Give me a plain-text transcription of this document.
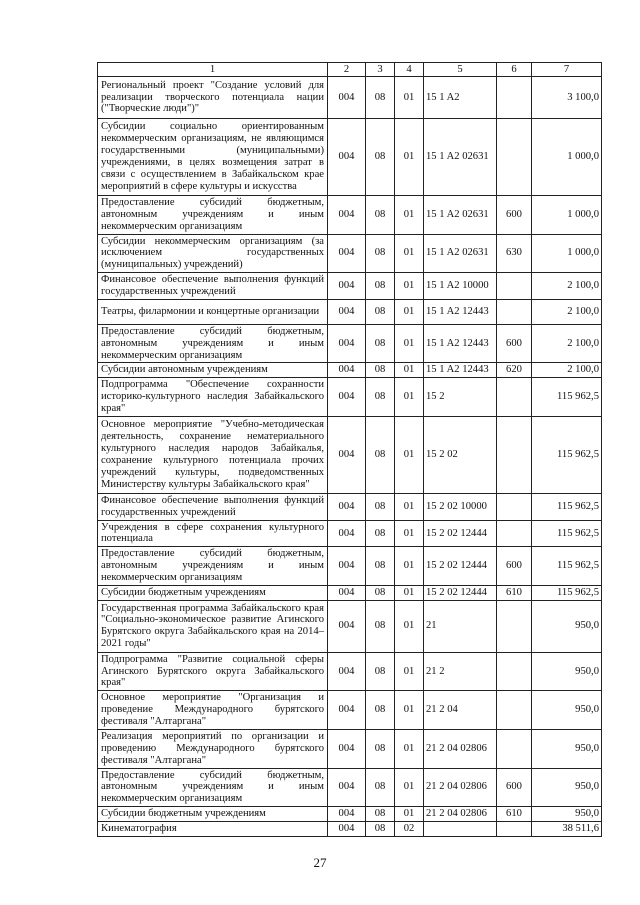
1	2	3	4	5	6	7
Региональный проект "Создание условий для реализации творческого потенциала нации ("Творческие люди")"	004	08	01	15 1 A2		3 100,0
Субсидии социально ориентированным некоммерческим организациям, не являющимся государственными (муниципальными) учреждениями, в целях возмещения затрат в связи с осуществлением в Забайкальском крае мероприятий в сфере культуры и искусства	004	08	01	15 1 A2 02631		1 000,0
Предоставление субсидий бюджетным, автономным учреждениям и иным некоммерческим организациям	004	08	01	15 1 A2 02631	600	1 000,0
Субсидии некоммерческим организациям (за исключением государственных (муниципальных) учреждений)	004	08	01	15 1 A2 02631	630	1 000,0
Финансовое обеспечение выполнения функций государственных учреждений	004	08	01	15 1 A2 10000		2 100,0
Театры, филармонии и концертные организации	004	08	01	15 1 A2 12443		2 100,0
Предоставление субсидий бюджетным, автономным учреждениям и иным некоммерческим организациям	004	08	01	15 1 A2 12443	600	2 100,0
Субсидии автономным учреждениям	004	08	01	15 1 A2 12443	620	2 100,0
Подпрограмма "Обеспечение сохранности историко-культурного наследия Забайкальского края"	004	08	01	15 2		115 962,5
Основное мероприятие "Учебно-методическая деятельность, сохранение нематериального культурного наследия народов Забайкалья, сохранение культурного потенциала прочих учреждений культуры, подведомственных Министерству культуры Забайкальского края"	004	08	01	15 2 02		115 962,5
Финансовое обеспечение выполнения функций государственных учреждений	004	08	01	15 2 02 10000		115 962,5
Учреждения в сфере сохранения культурного потенциала	004	08	01	15 2 02 12444		115 962,5
Предоставление субсидий бюджетным, автономным учреждениям и иным некоммерческим организациям	004	08	01	15 2 02 12444	600	115 962,5
Субсидии бюджетным учреждениям	004	08	01	15 2 02 12444	610	115 962,5
Государственная программа Забайкальского края "Социально-экономическое развитие Агинского Бурятского округа Забайкальского края на 2014–2021 годы"	004	08	01	21		950,0
Подпрограмма "Развитие социальной сферы Агинского Бурятского округа Забайкальского края"	004	08	01	21 2		950,0
Основное мероприятие "Организация и проведение Международного бурятского фестиваля "Алтаргана"	004	08	01	21 2 04		950,0
Реализация мероприятий по организации и проведению Международного бурятского фестиваля "Алтаргана"	004	08	01	21 2 04 02806		950,0
Предоставление субсидий бюджетным, автономным учреждениям и иным некоммерческим организациям	004	08	01	21 2 04 02806	600	950,0
Субсидии бюджетным учреждениям	004	08	01	21 2 04 02806	610	950,0
Кинематография	004	08	02			38 511,6
27
